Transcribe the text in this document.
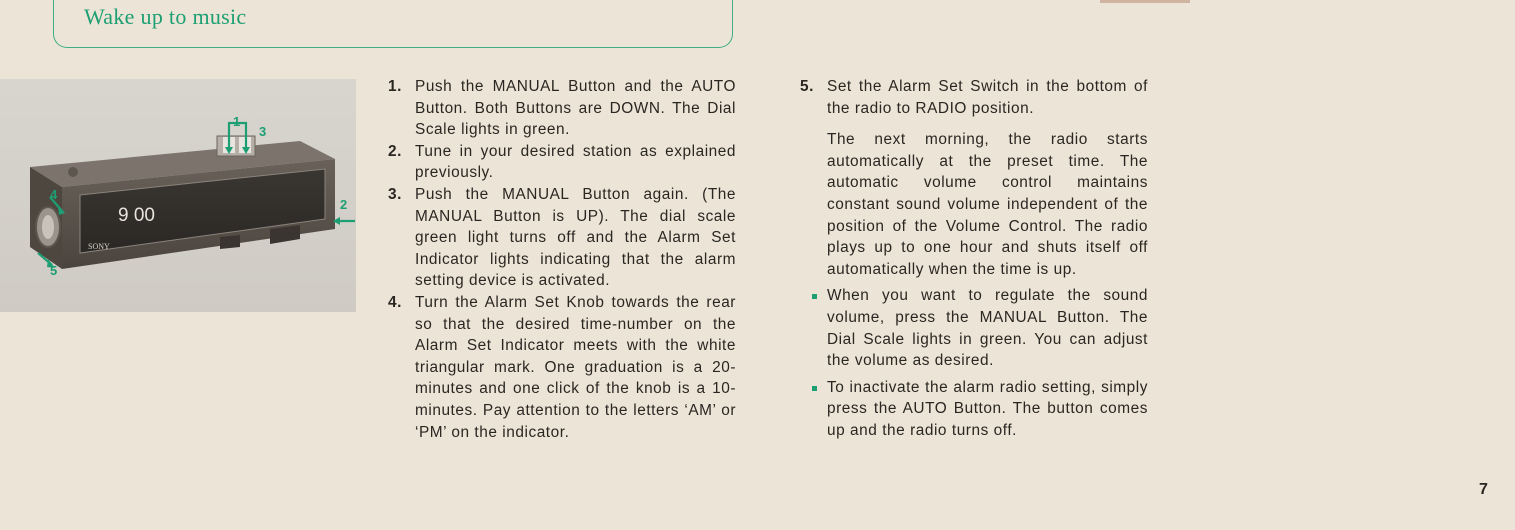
Wake up to music
1
3
2
4
5
9 00
SONY
1. Push the MANUAL Button and the AUTO Button. Both Buttons are DOWN. The Dial Scale lights in green.
2. Tune in your desired station as explained previously.
3. Push the MANUAL Button again. (The MANUAL Button is UP). The dial scale green light turns off and the Alarm Set Indicator lights indicating that the alarm setting device is activated.
4. Turn the Alarm Set Knob towards the rear so that the desired time-number on the Alarm Set Indicator meets with the white triangular mark. One graduation is a 20-minutes and one click of the knob is a 10-minutes. Pay attention to the letters ‘AM’ or ‘PM’ on the indicator.
5. Set the Alarm Set Switch in the bottom of the radio to RADIO position.
The next morning, the radio starts automatically at the preset time. The automatic volume control maintains constant sound volume independent of the position of the Volume Control. The radio plays up to one hour and shuts itself off automatically when the time is up.
When you want to regulate the sound volume, press the MANUAL Button. The Dial Scale lights in green. You can adjust the volume as desired.
To inactivate the alarm radio setting, simply press the AUTO Button. The button comes up and the radio turns off.
7
